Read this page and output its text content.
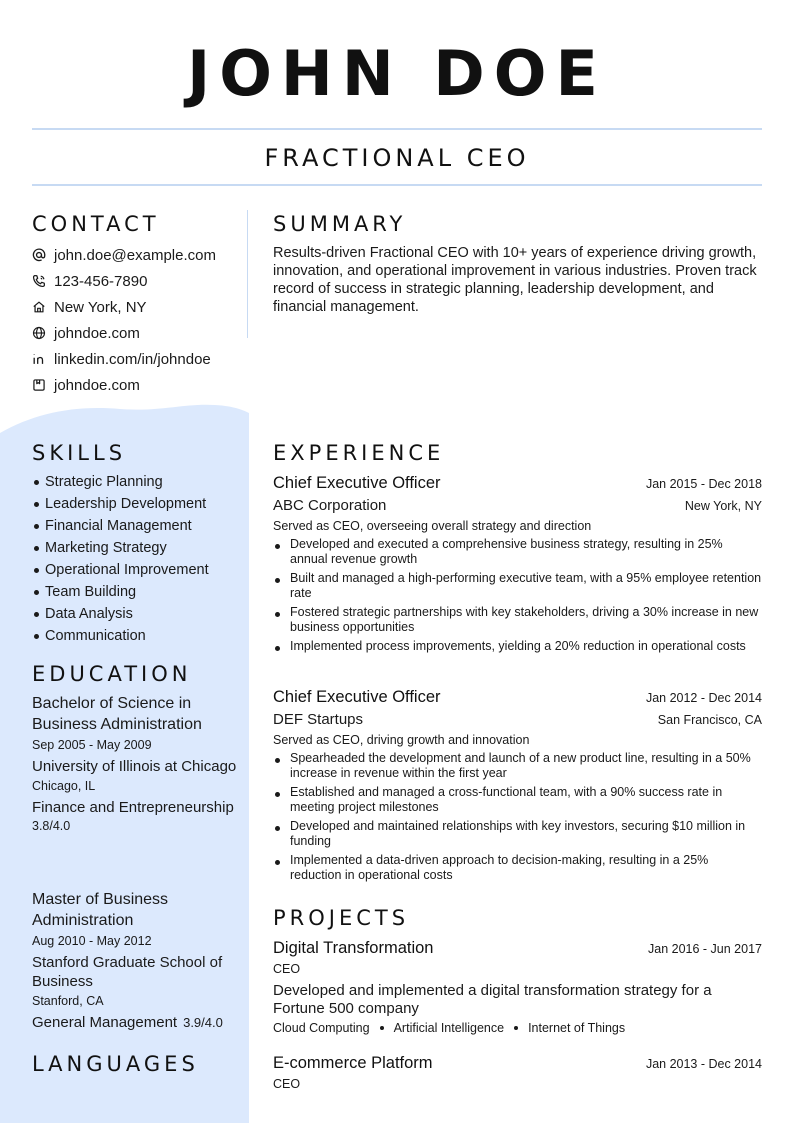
JOHN DOE
FRACTIONAL CEO
CONTACT
john.doe@example.com
123-456-7890
New York, NY
johndoe.com
linkedin.com/in/johndoe
johndoe.com
SUMMARY
Results-driven Fractional CEO with 10+ years of experience driving growth, innovation, and operational improvement in various industries. Proven track record of success in strategic planning, leadership development, and financial management.
SKILLS
Strategic Planning
Leadership Development
Financial Management
Marketing Strategy
Operational Improvement
Team Building
Data Analysis
Communication
EDUCATION
Bachelor of Science in Business Administration
Sep 2005 - May 2009
University of Illinois at Chicago
Chicago, IL
Finance and Entrepreneurship
3.8/4.0
Master of Business Administration
Aug 2010 - May 2012
Stanford Graduate School of Business
Stanford, CA
General Management 3.9/4.0
LANGUAGES
EXPERIENCE
Chief Executive Officer	Jan 2015 - Dec 2018
ABC Corporation	New York, NY
Served as CEO, overseeing overall strategy and direction
Developed and executed a comprehensive business strategy, resulting in 25% annual revenue growth
Built and managed a high-performing executive team, with a 95% employee retention rate
Fostered strategic partnerships with key stakeholders, driving a 30% increase in new business opportunities
Implemented process improvements, yielding a 20% reduction in operational costs
Chief Executive Officer	Jan 2012 - Dec 2014
DEF Startups	San Francisco, CA
Served as CEO, driving growth and innovation
Spearheaded the development and launch of a new product line, resulting in a 50% increase in revenue within the first year
Established and managed a cross-functional team, with a 90% success rate in meeting project milestones
Developed and maintained relationships with key investors, securing $10 million in funding
Implemented a data-driven approach to decision-making, resulting in a 25% reduction in operational costs
PROJECTS
Digital Transformation	Jan 2016 - Jun 2017
CEO
Developed and implemented a digital transformation strategy for a Fortune 500 company
Cloud Computing Artificial Intelligence Internet of Things
E-commerce Platform	Jan 2013 - Dec 2014
CEO
